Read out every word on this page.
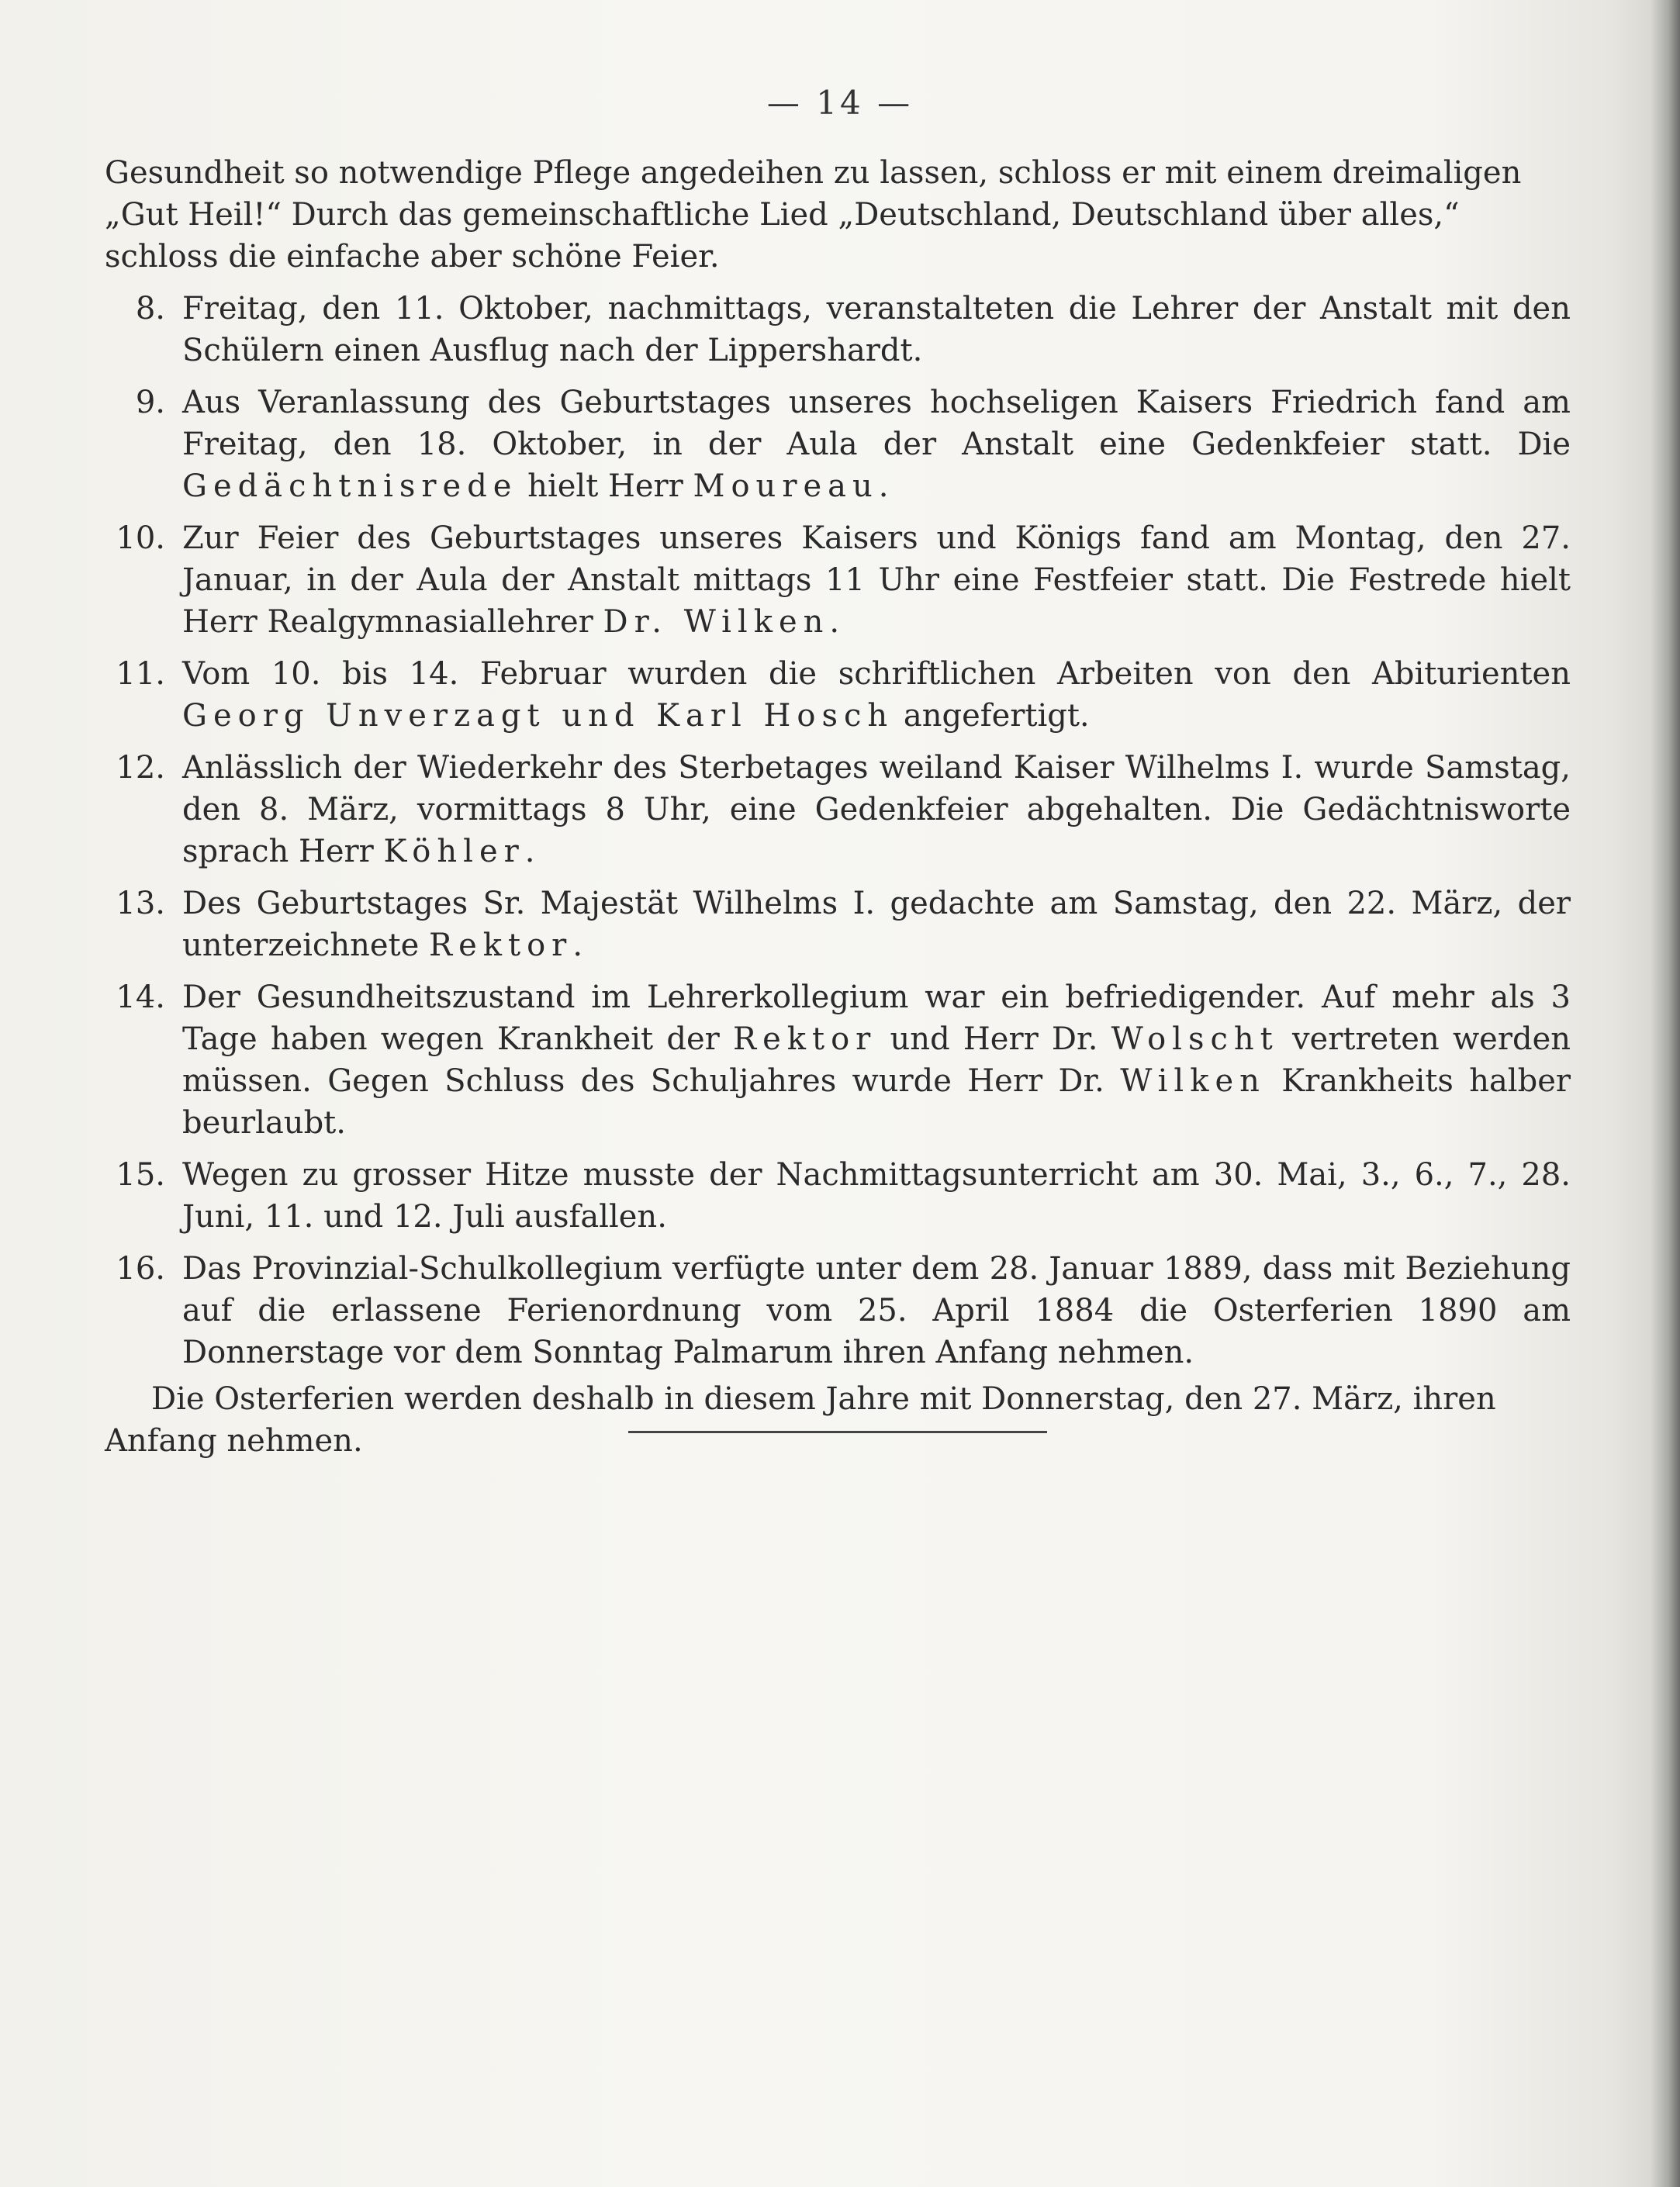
— 14 —

Gesundheit so notwendige Pflege angedeihen zu lassen, schloss er mit einem dreimaligen „Gut Heil!“ Durch das gemeinschaftliche Lied „Deutschland, Deutschland über alles,“ schloss die einfache aber schöne Feier.

8. Freitag, den 11. Oktober, nachmittags, veranstalteten die Lehrer der Anstalt mit den Schülern einen Ausflug nach der Lippershardt.
9. Aus Veranlassung des Geburtstages unseres hochseligen Kaisers Friedrich fand am Freitag, den 18. Oktober, in der Aula der Anstalt eine Gedenkfeier statt. Die Gedächtnisrede hielt Herr Moureau.
10. Zur Feier des Geburtstages unseres Kaisers und Königs fand am Montag, den 27. Januar, in der Aula der Anstalt mittags 11 Uhr eine Festfeier statt. Die Festrede hielt Herr Realgymnasiallehrer Dr. Wilken.
11. Vom 10. bis 14. Februar wurden die schriftlichen Arbeiten von den Abiturienten Georg Unverzagt und Karl Hosch angefertigt.
12. Anlässlich der Wiederkehr des Sterbetages weiland Kaiser Wilhelms I. wurde Samstag, den 8. März, vormittags 8 Uhr, eine Gedenkfeier abgehalten. Die Gedächtnisworte sprach Herr Köhler.
13. Des Geburtstages Sr. Majestät Wilhelms I. gedachte am Samstag, den 22. März, der unterzeichnete Rektor.
14. Der Gesundheitszustand im Lehrerkollegium war ein befriedigender. Auf mehr als 3 Tage haben wegen Krankheit der Rektor und Herr Dr. Wolscht vertreten werden müssen. Gegen Schluss des Schuljahres wurde Herr Dr. Wilken Krankheits halber beurlaubt.
15. Wegen zu grosser Hitze musste der Nachmittagsunterricht am 30. Mai, 3., 6., 7., 28. Juni, 11. und 12. Juli ausfallen.
16. Das Provinzial-Schulkollegium verfügte unter dem 28. Januar 1889, dass mit Beziehung auf die erlassene Ferienordnung vom 25. April 1884 die Osterferien 1890 am Donnerstage vor dem Sonntag Palmarum ihren Anfang nehmen.

Die Osterferien werden deshalb in diesem Jahre mit Donnerstag, den 27. März, ihren Anfang nehmen.
